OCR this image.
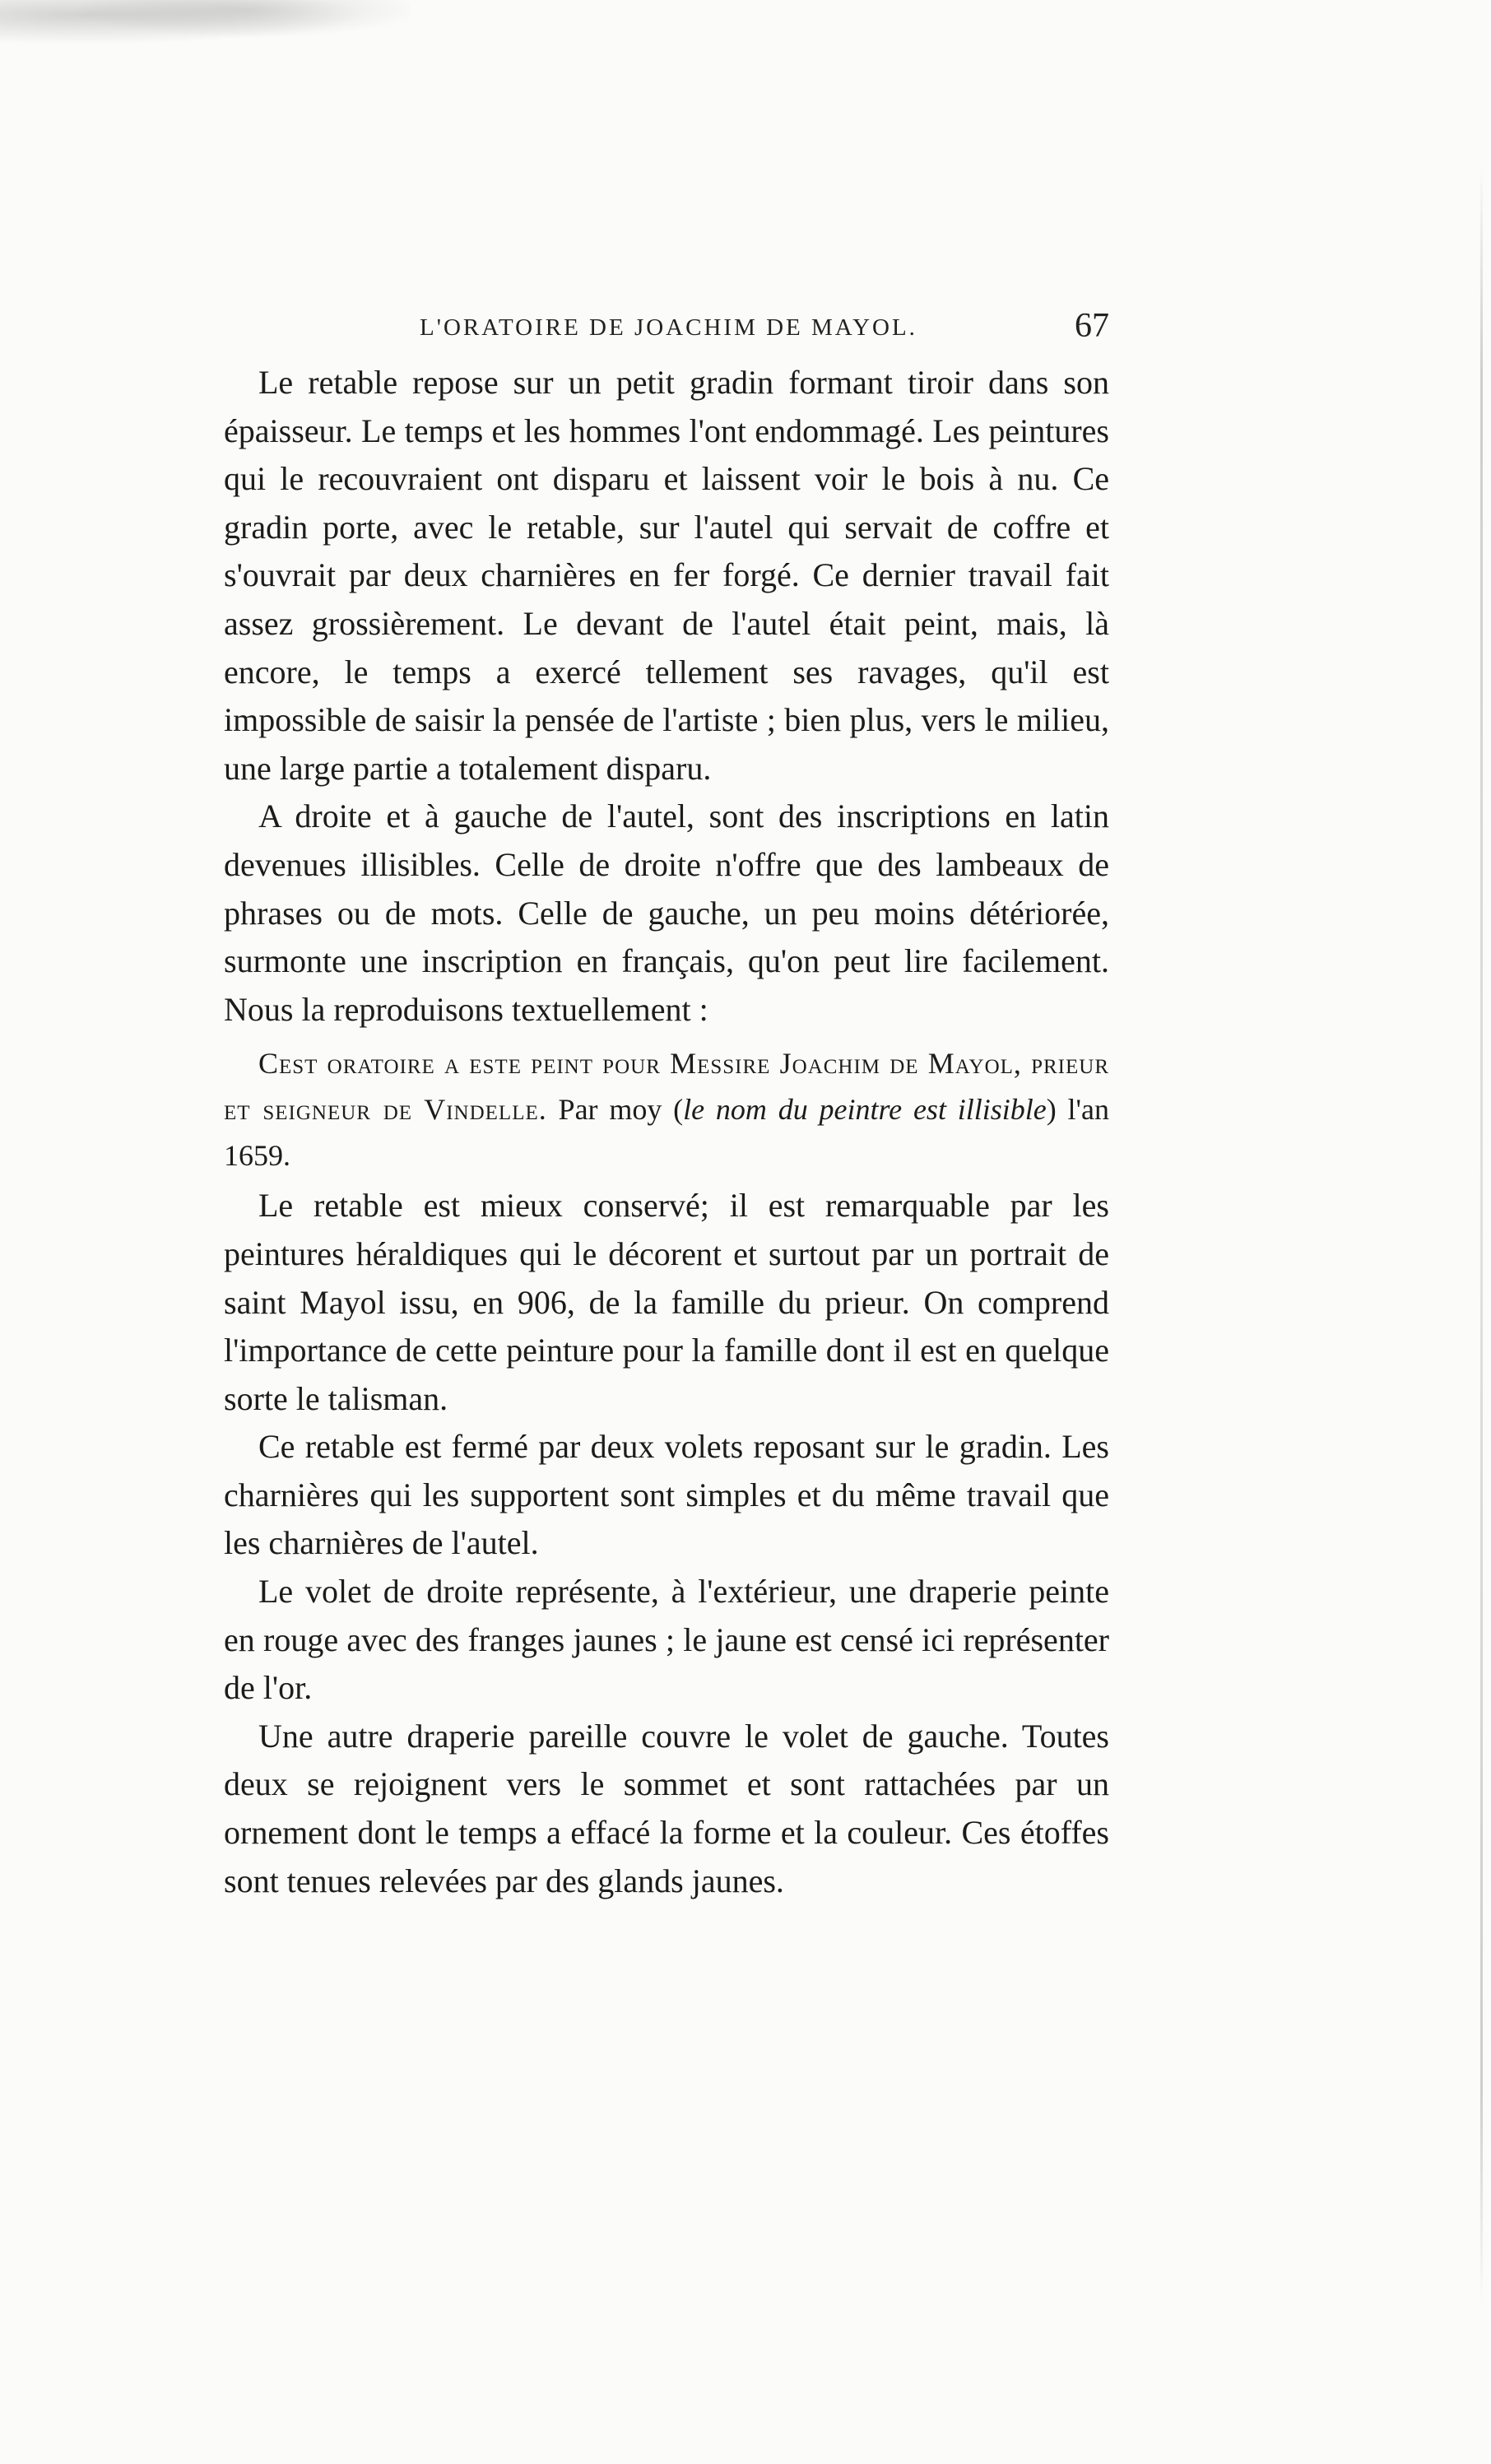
L'ORATOIRE DE JOACHIM DE MAYOL.	67

Le retable repose sur un petit gradin formant tiroir dans son épaisseur. Le temps et les hommes l'ont endommagé. Les peintures qui le recouvraient ont disparu et laissent voir le bois à nu. Ce gradin porte, avec le retable, sur l'autel qui servait de coffre et s'ouvrait par deux charnières en fer forgé. Ce dernier travail fait assez grossièrement. Le devant de l'autel était peint, mais, là encore, le temps a exercé tellement ses ravages, qu'il est impossible de saisir la pensée de l'artiste ; bien plus, vers le milieu, une large partie a totalement disparu.

A droite et à gauche de l'autel, sont des inscriptions en latin devenues illisibles. Celle de droite n'offre que des lambeaux de phrases ou de mots. Celle de gauche, un peu moins détériorée, surmonte une inscription en français, qu'on peut lire facilement. Nous la reproduisons textuellement :

Cest oratoire a este peint pour Messire Joachim de Mayol, prieur et seigneur de Vindelle. Par moy (le nom du peintre est illisible) l'an 1659.

Le retable est mieux conservé; il est remarquable par les peintures héraldiques qui le décorent et surtout par un portrait de saint Mayol issu, en 906, de la famille du prieur. On comprend l'importance de cette peinture pour la famille dont il est en quelque sorte le talisman.

Ce retable est fermé par deux volets reposant sur le gradin. Les charnières qui les supportent sont simples et du même travail que les charnières de l'autel.

Le volet de droite représente, à l'extérieur, une draperie peinte en rouge avec des franges jaunes ; le jaune est censé ici représenter de l'or.

Une autre draperie pareille couvre le volet de gauche. Toutes deux se rejoignent vers le sommet et sont rattachées par un ornement dont le temps a effacé la forme et la couleur. Ces étoffes sont tenues relevées par des glands jaunes.
